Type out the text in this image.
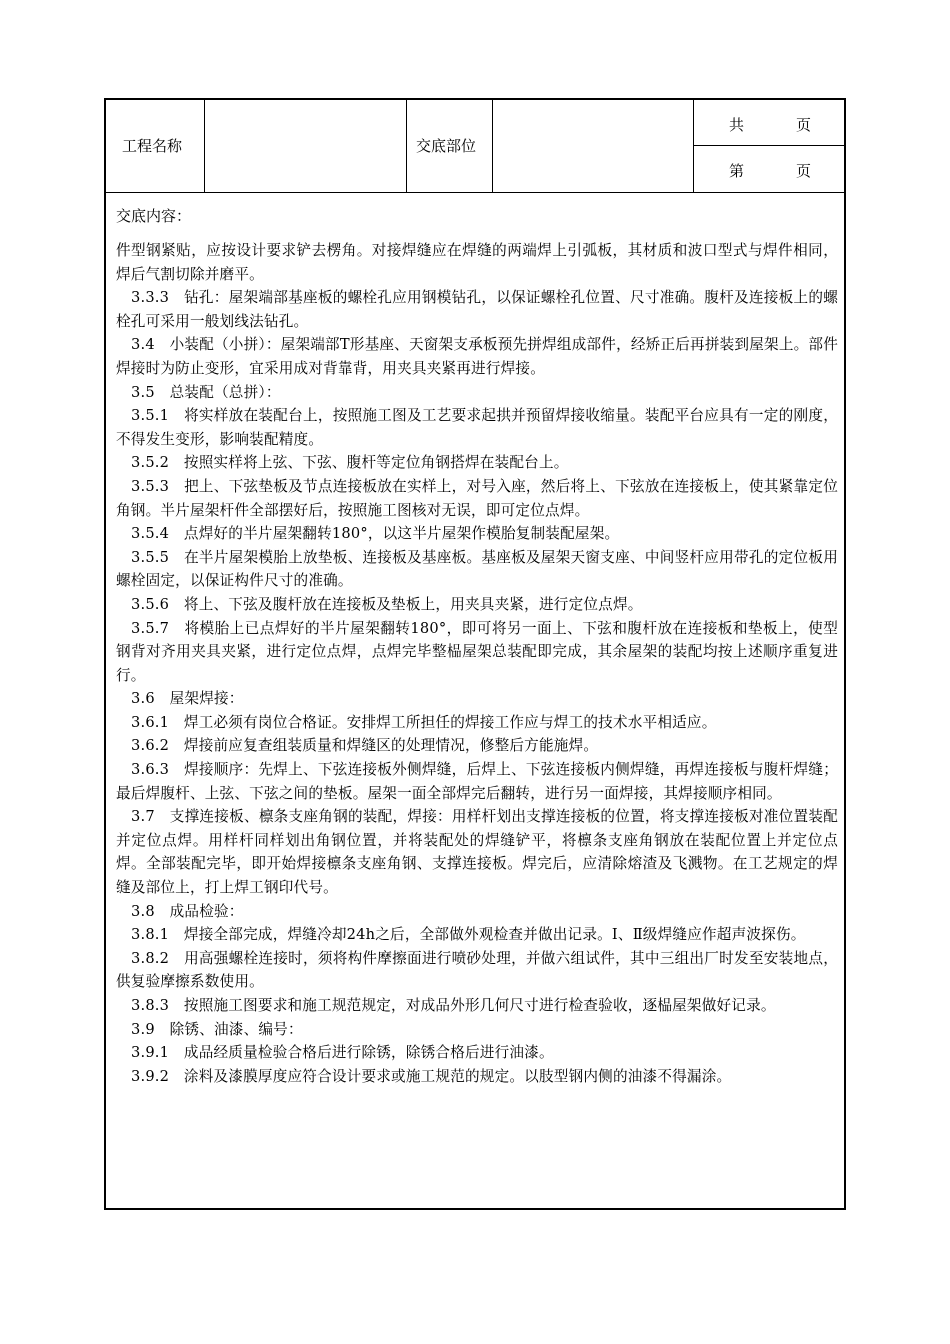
工程名称	交底部位
共	页
第	页
交底内容：

件型钢紧贴，应按设计要求铲去楞角。对接焊缝应在焊缝的两端焊上引弧板，其材质和波口型式与焊件相同，焊后气割切除并磨平。

3.3.3　钻孔：屋架端部基座板的螺栓孔应用钢模钻孔，以保证螺栓孔位置、尺寸准确。腹杆及连接板上的螺栓孔可采用一般划线法钻孔。

3.4　小装配（小拼）：屋架端部T形基座、天窗架支承板预先拼焊组成部件，经矫正后再拼装到屋架上。部件焊接时为防止变形，宜采用成对背靠背，用夹具夹紧再进行焊接。

3.5　总装配（总拼）：

3.5.1　将实样放在装配台上，按照施工图及工艺要求起拱并预留焊接收缩量。装配平台应具有一定的刚度，不得发生变形，影响装配精度。

3.5.2　按照实样将上弦、下弦、腹杆等定位角钢搭焊在装配台上。

3.5.3　把上、下弦垫板及节点连接板放在实样上，对号入座，然后将上、下弦放在连接板上，使其紧靠定位角钢。半片屋架杆件全部摆好后，按照施工图核对无误，即可定位点焊。

3.5.4　点焊好的半片屋架翻转180°，以这半片屋架作模胎复制装配屋架。

3.5.5　在半片屋架模胎上放垫板、连接板及基座板。基座板及屋架天窗支座、中间竖杆应用带孔的定位板用螺栓固定，以保证构件尺寸的准确。

3.5.6　将上、下弦及腹杆放在连接板及垫板上，用夹具夹紧，进行定位点焊。

3.5.7　将模胎上已点焊好的半片屋架翻转180°，即可将另一面上、下弦和腹杆放在连接板和垫板上，使型钢背对齐用夹具夹紧，进行定位点焊，点焊完毕整榀屋架总装配即完成，其余屋架的装配均按上述顺序重复进行。

3.6　屋架焊接：

3.6.1　焊工必须有岗位合格证。安排焊工所担任的焊接工作应与焊工的技术水平相适应。

3.6.2　焊接前应复查组装质量和焊缝区的处理情况，修整后方能施焊。

3.6.3　焊接顺序：先焊上、下弦连接板外侧焊缝，后焊上、下弦连接板内侧焊缝，再焊连接板与腹杆焊缝；最后焊腹杆、上弦、下弦之间的垫板。屋架一面全部焊完后翻转，进行另一面焊接，其焊接顺序相同。

3.7　支撑连接板、檩条支座角钢的装配，焊接：用样杆划出支撑连接板的位置，将支撑连接板对准位置装配并定位点焊。用样杆同样划出角钢位置，并将装配处的焊缝铲平，将檩条支座角钢放在装配位置上并定位点焊。全部装配完毕，即开始焊接檩条支座角钢、支撑连接板。焊完后，应清除熔渣及飞溅物。在工艺规定的焊缝及部位上，打上焊工钢印代号。

3.8　成品检验：

3.8.1　焊接全部完成，焊缝冷却24h之后，全部做外观检查并做出记录。Ⅰ、Ⅱ级焊缝应作超声波探伤。

3.8.2　用高强螺栓连接时，须将构件摩擦面进行喷砂处理，并做六组试件，其中三组出厂时发至安装地点，供复验摩擦系数使用。

3.8.3　按照施工图要求和施工规范规定，对成品外形几何尺寸进行检查验收，逐榀屋架做好记录。

3.9　除锈、油漆、编号：

3.9.1　成品经质量检验合格后进行除锈，除锈合格后进行油漆。

3.9.2　涂料及漆膜厚度应符合设计要求或施工规范的规定。以肢型钢内侧的油漆不得漏涂。
